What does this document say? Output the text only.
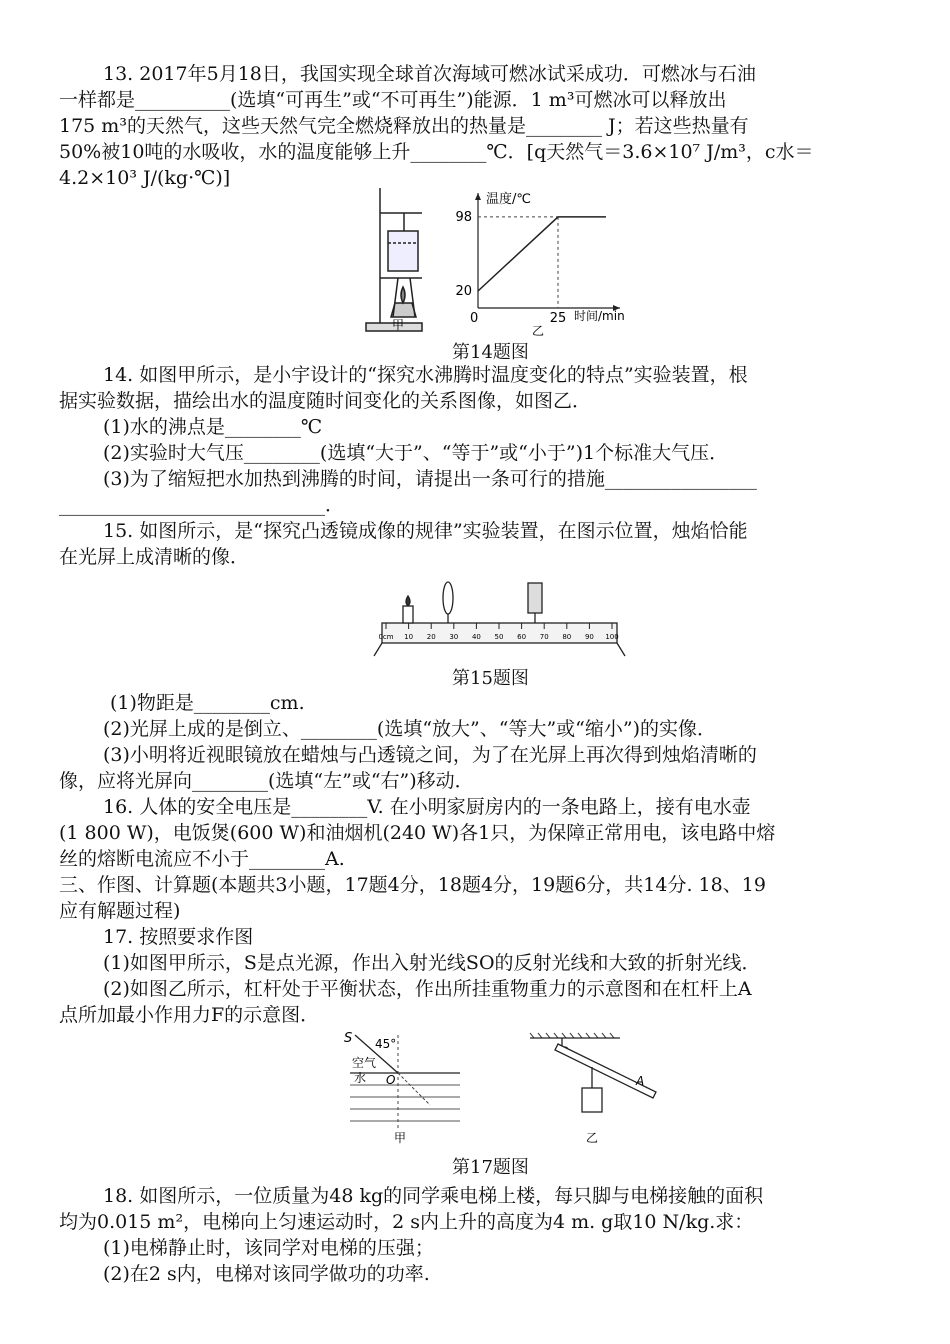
13. 2017年5月18日，我国实现全球首次海域可燃冰试采成功．可燃冰与石油
一样都是__________(选填“可再生”或“不可再生”)能源．1 m³可燃冰可以释放出
175 m³的天然气，这些天然气完全燃烧释放出的热量是________ J；若这些热量有
50%被10吨的水吸收，水的温度能够上升________℃．[q天然气＝3.6×10⁷ J/m³，c水＝
4.2×10³ J/(kg·℃)]
甲
温度/℃
时间/min
20
98
0	25
乙
第14题图
14. 如图甲所示，是小宇设计的“探究水沸腾时温度变化的特点”实验装置，根
据实验数据，描绘出水的温度随时间变化的关系图像，如图乙．
(1)水的沸点是________℃
(2)实验时大气压________(选填“大于”、“等于”或“小于”)1个标准大气压．
(3)为了缩短把水加热到沸腾的时间，请提出一条可行的措施________________
____________________________．
15. 如图所示，是“探究凸透镜成像的规律”实验装置，在图示位置，烛焰恰能
在光屏上成清晰的像．
0cm 10 20 30 40 50 60 70 80 90 100
第15题图
(1)物距是________cm.
(2)光屏上成的是倒立、________(选填“放大”、“等大”或“缩小”)的实像．
(3)小明将近视眼镜放在蜡烛与凸透镜之间，为了在光屏上再次得到烛焰清晰的
像，应将光屏向________(选填“左”或“右”)移动．
16. 人体的安全电压是________V. 在小明家厨房内的一条电路上，接有电水壶
(1 800 W)，电饭煲(600 W)和油烟机(240 W)各1只，为保障正常用电，该电路中熔
丝的熔断电流应不小于________A.
三、作图、计算题(本题共3小题，17题4分，18题4分，19题6分，共14分. 18、19
应有解题过程)
17. 按照要求作图
(1)如图甲所示，S是点光源，作出入射光线SO的反射光线和大致的折射光线．
(2)如图乙所示，杠杆处于平衡状态，作出所挂重物重力的示意图和在杠杆上A
点所加最小作用力F的示意图．
S 45°
空气
水 O
甲
A
乙
第17题图
18. 如图所示，一位质量为48 kg的同学乘电梯上楼，每只脚与电梯接触的面积
均为0.015 m²，电梯向上匀速运动时，2 s内上升的高度为4 m. g取10 N/kg.求：
(1)电梯静止时，该同学对电梯的压强；
(2)在2 s内，电梯对该同学做功的功率.
